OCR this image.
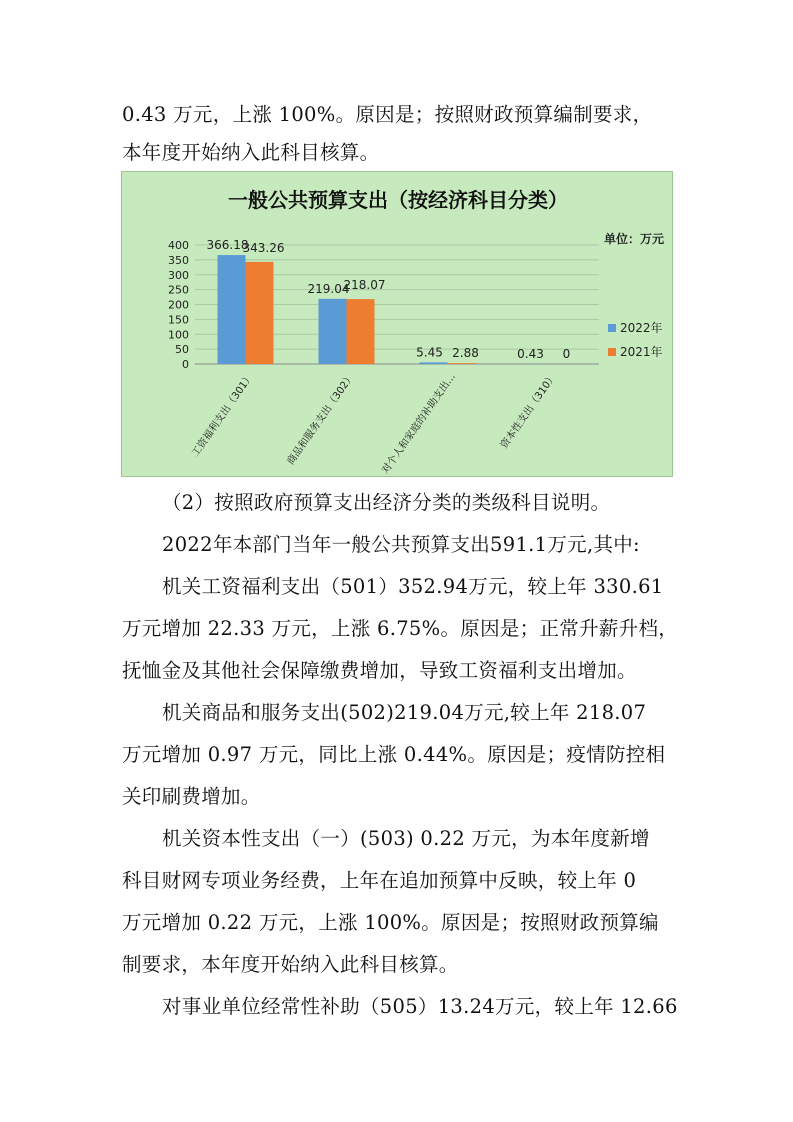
0.43 万元，上涨 100%。原因是；按照财政预算编制要求，
本年度开始纳入此科目核算。
一般公共预算支出（按经济科目分类）
单位：万元
0
50
100
150
200
250
300
350
400 366.18
343.26
工资福利支出（301）
219.04
218.07
商品和服务支出（302）
5.45 2.88
对个人和家庭的补助支出…
0.43 0
资本性支出（310）
2022年
2021年
（2）按照政府预算支出经济分类的类级科目说明。
2022年本部门当年一般公共预算支出591.1万元,其中:
机关工资福利支出（501）352.94万元，较上年 330.61
万元增加 22.33 万元，上涨 6.75%。原因是；正常升薪升档，
抚恤金及其他社会保障缴费增加，导致工资福利支出增加。
机关商品和服务支出(502)219.04万元,较上年 218.07
万元增加 0.97 万元，同比上涨 0.44%。原因是；疫情防控相
关印刷费增加。
机关资本性支出（一）(503) 0.22 万元，为本年度新增
科目财网专项业务经费，上年在追加预算中反映，较上年 0
万元增加 0.22 万元，上涨 100%。原因是；按照财政预算编
制要求，本年度开始纳入此科目核算。
对事业单位经常性补助（505）13.24万元，较上年 12.66
